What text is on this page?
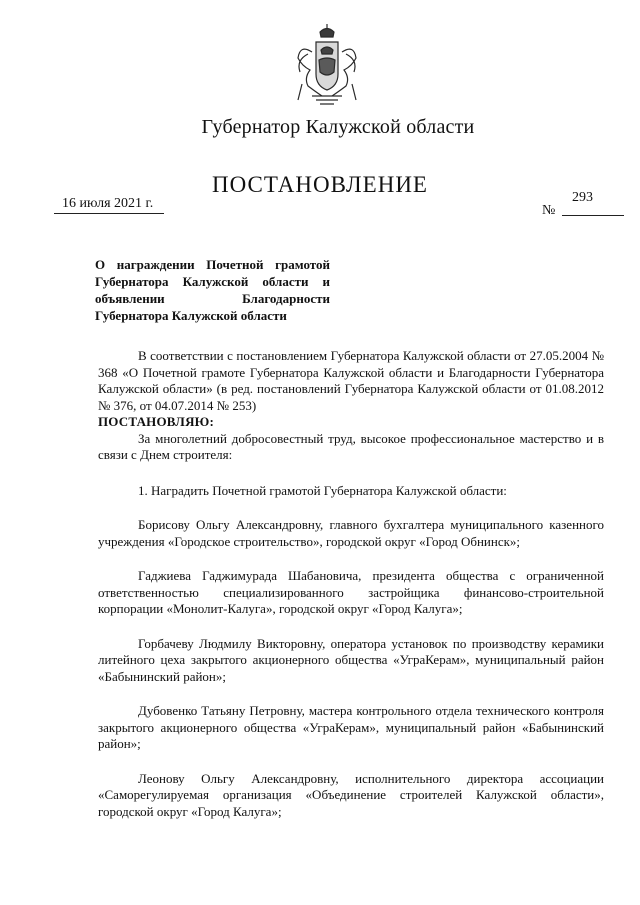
Губернатор Калужской области
ПОСТАНОВЛЕНИЕ
16 июля 2021 г.	№
293
О награждении Почетной грамотой Губернатора Калужской области и объявлении Благодарности Губернатора Калужской области

В соответствии с постановлением Губернатора Калужской области от 27.05.2004 № 368 «О Почетной грамоте Губернатора Калужской области и Благодарности Губернатора Калужской области» (в ред. постановлений Губернатора Калужской области от 01.08.2012 № 376, от 04.07.2014 № 253)

ПОСТАНОВЛЯЮ:

За многолетний добросовестный труд, высокое профессиональное мастерство и в связи с Днем строителя:

1. Наградить Почетной грамотой Губернатора Калужской области:

Борисову Ольгу Александровну, главного бухгалтера муниципального казенного учреждения «Городское строительство», городской округ «Город Обнинск»;

Гаджиева Гаджимурада Шабановича, президента общества с ограниченной ответственностью специализированного застройщика финансово-строительной корпорации «Монолит-Калуга», городской округ «Город Калуга»;

Горбачеву Людмилу Викторовну, оператора установок по производству керамики литейного цеха закрытого акционерного общества «УграКерам», муниципальный район «Бабынинский район»;

Дубовенко Татьяну Петровну, мастера контрольного отдела технического контроля закрытого акционерного общества «УграКерам», муниципальный район «Бабынинский район»;

Леонову Ольгу Александровну, исполнительного директора ассоциации «Саморегулируемая организация «Объединение строителей Калужской области», городской округ «Город Калуга»;
